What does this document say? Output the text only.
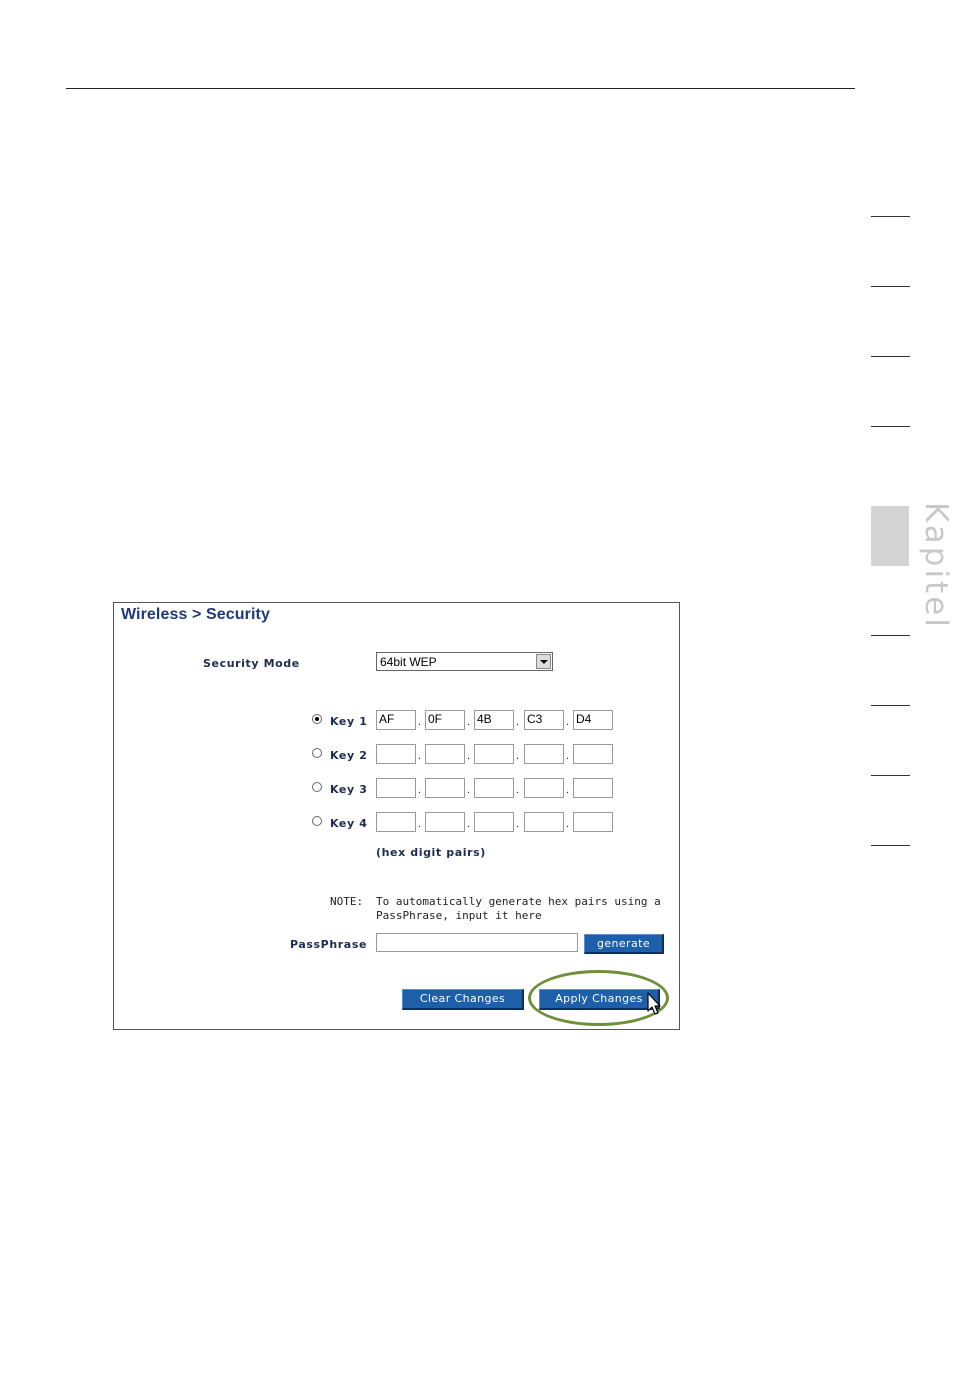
Kapitel
Wireless > Security
Security Mode	64bit WEP
Key 1 AF	. 0F	. 4B	. C3	. D4
Key 2	.	.	.	.
Key 3	.	.	.	.
Key 4	.	.	.	.
(hex digit pairs)
NOTE: To automatically generate hex pairs using a
PassPhrase, input it here
PassPhrase	generate
Clear Changes	Apply Changes
